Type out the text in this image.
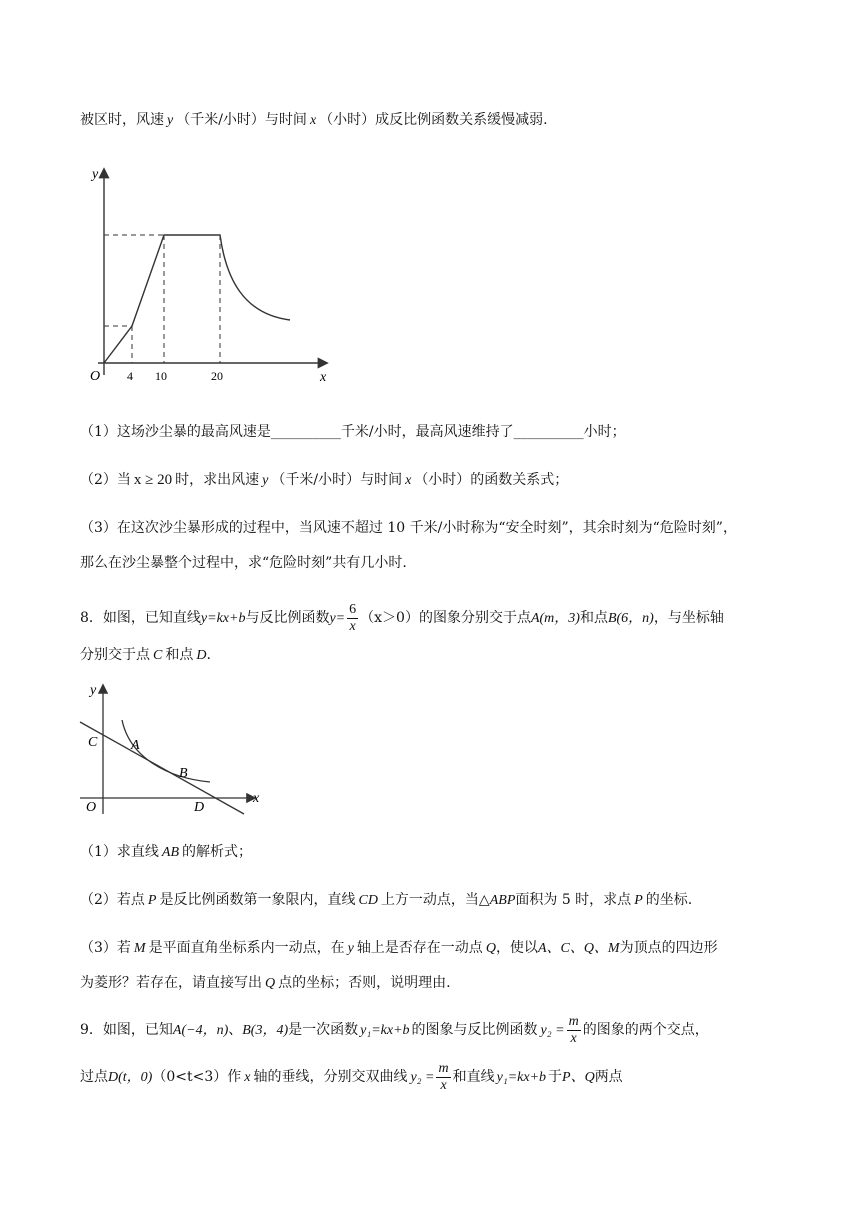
被区时，风速 y （千米/小时）与时间 x （小时）成反比例函数关系缓慢减弱.
y
x
O 4 10	20
（1）这场沙尘暴的最高风速是__________千米/小时，最高风速维持了__________小时；
（2）当 x ≥ 20 时，求出风速 y （千米/小时）与时间 x （小时）的函数关系式；
（3）在这次沙尘暴形成的过程中，当风速不超过 10 千米/小时称为“安全时刻”，其余时刻为“危险时刻”，
那么在沙尘暴整个过程中，求“危险时刻”共有几小时.
8．如图，已知直线y=kx+b与反比例函数$y= \frac{6}{x} (x>0)$的图象分别交于点A(m，3)和点B(6，n)，与坐标轴
分别交于点 C 和点 D.
y
x
O
C A
B
D
（1）求直线 AB 的解析式；
（2）若点 P 是反比例函数第一象限内，直线 CD 上方一动点，当△ABP面积为 5 时，求点 P 的坐标.
（3）若 M 是平面直角坐标系内一动点，在 y 轴上是否存在一动点 Q，使以A、C、Q、M为顶点的四边形
为菱形？若存在，请直接写出 Q 点的坐标；否则，说明理由.
9．如图，已知A(−4，n)、B(3，4)是一次函数 y₁=kx+b 的图象与反比例函数 $y_2 = \frac{m}{x}$ 的图象的两个交点，
过点D(t，0)（0<t<3）作 x 轴的垂线，分别交双曲线 $y_2 = \frac{m}{x}$ 和直线 y₁=kx+b 于P、Q两点
